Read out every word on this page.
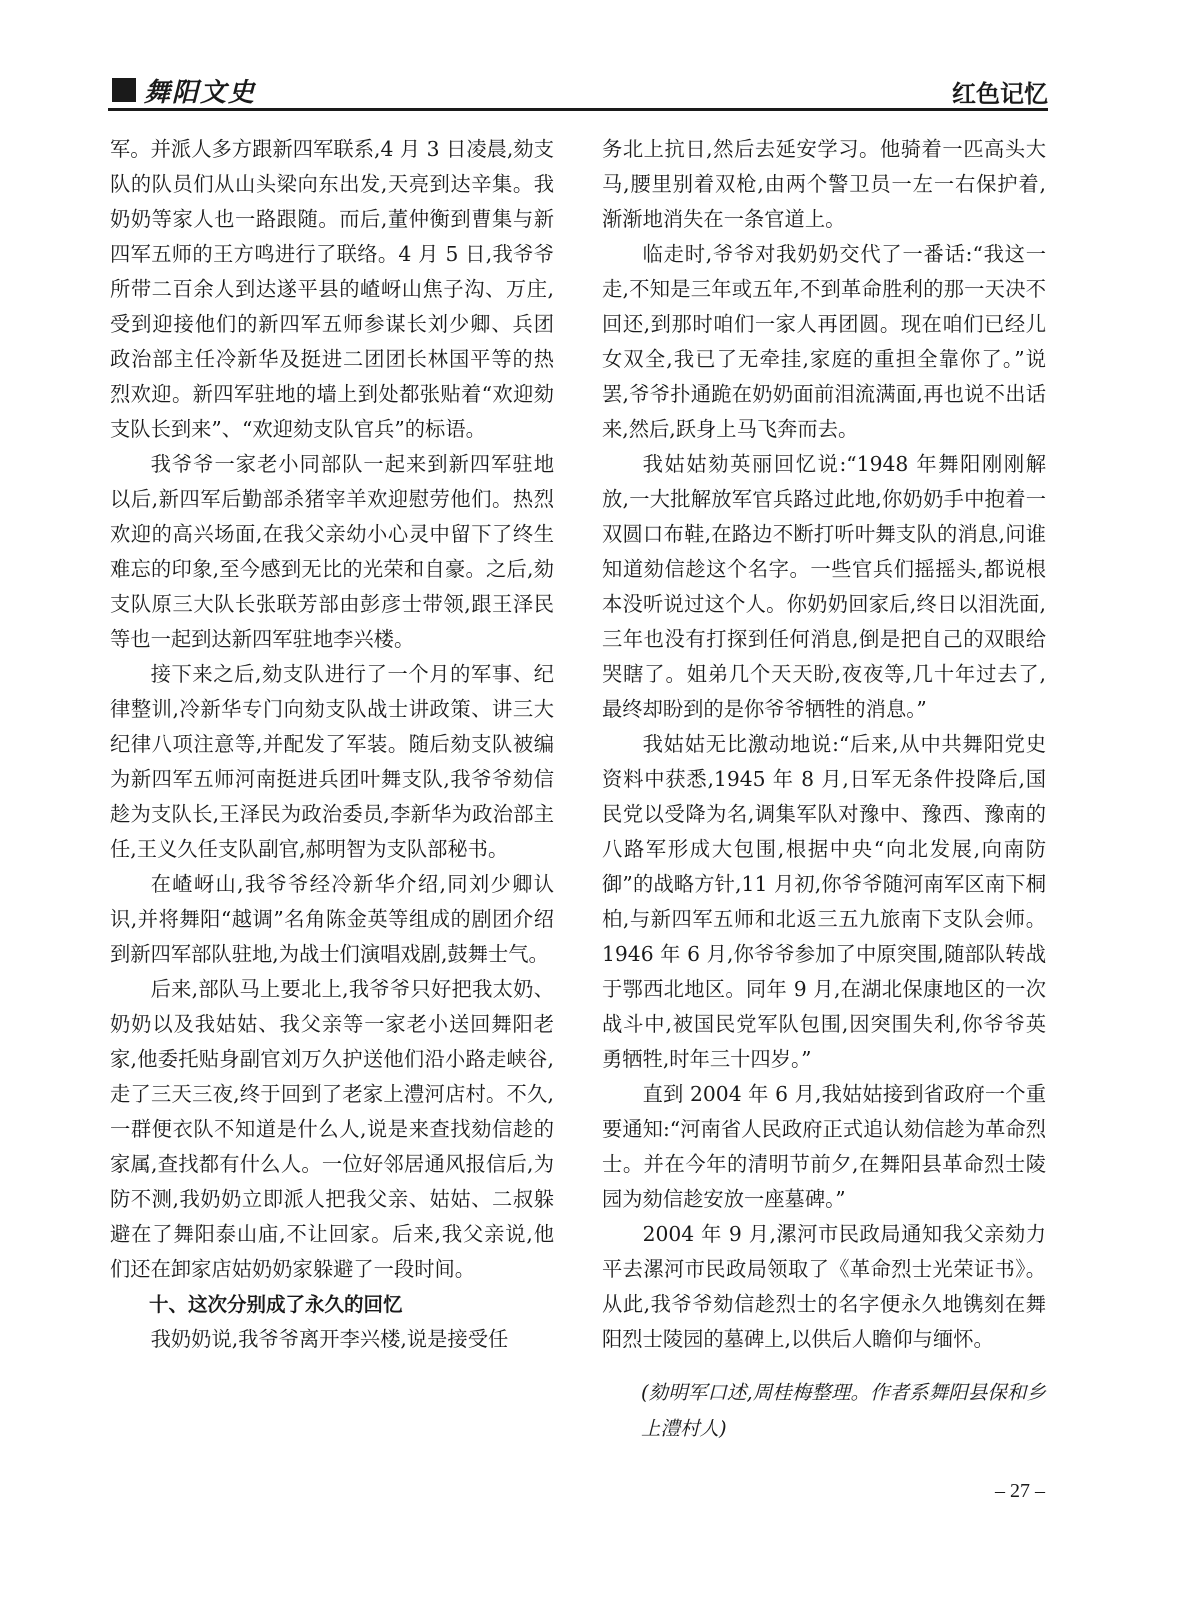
舞阳文史	红色记忆

军。并派人多方跟新四军联系,4 月 3 日凌晨,劾支队的队员们从山头梁向东出发,天亮到达辛集。我奶奶等家人也一路跟随。而后,董仲衡到曹集与新四军五师的王方鸣进行了联络。4 月 5 日,我爷爷所带二百余人到达遂平县的嵖岈山焦子沟、万庄,受到迎接他们的新四军五师参谋长刘少卿、兵团政治部主任冷新华及挺进二团团长林国平等的热烈欢迎。新四军驻地的墙上到处都张贴着“欢迎劾支队长到来”、“欢迎劾支队官兵”的标语。

我爷爷一家老小同部队一起来到新四军驻地以后,新四军后勤部杀猪宰羊欢迎慰劳他们。热烈欢迎的高兴场面,在我父亲幼小心灵中留下了终生难忘的印象,至今感到无比的光荣和自豪。之后,劾支队原三大队长张联芳部由彭彦士带领,跟王泽民等也一起到达新四军驻地李兴楼。

接下来之后,劾支队进行了一个月的军事、纪律整训,冷新华专门向劾支队战士讲政策、讲三大纪律八项注意等,并配发了军装。随后劾支队被编为新四军五师河南挺进兵团叶舞支队,我爷爷劾信趁为支队长,王泽民为政治委员,李新华为政治部主任,王义久任支队副官,郝明智为支队部秘书。

在嵖岈山,我爷爷经冷新华介绍,同刘少卿认识,并将舞阳“越调”名角陈金英等组成的剧团介绍到新四军部队驻地,为战士们演唱戏剧,鼓舞士气。

后来,部队马上要北上,我爷爷只好把我太奶、奶奶以及我姑姑、我父亲等一家老小送回舞阳老家,他委托贴身副官刘万久护送他们沿小路走峡谷,走了三天三夜,终于回到了老家上澧河店村。不久,一群便衣队不知道是什么人,说是来查找劾信趁的家属,查找都有什么人。一位好邻居通风报信后,为防不测,我奶奶立即派人把我父亲、姑姑、二叔躲避在了舞阳泰山庙,不让回家。后来,我父亲说,他们还在卸家店姑奶奶家躲避了一段时间。

十、这次分别成了永久的回忆

我奶奶说,我爷爷离开李兴楼,说是接受任

务北上抗日,然后去延安学习。他骑着一匹高头大马,腰里别着双枪,由两个警卫员一左一右保护着,渐渐地消失在一条官道上。

临走时,爷爷对我奶奶交代了一番话:“我这一走,不知是三年或五年,不到革命胜利的那一天决不回还,到那时咱们一家人再团圆。现在咱们已经儿女双全,我已了无牵挂,家庭的重担全靠你了。”说罢,爷爷扑通跪在奶奶面前泪流满面,再也说不出话来,然后,跃身上马飞奔而去。

我姑姑劾英丽回忆说:“1948 年舞阳刚刚解放,一大批解放军官兵路过此地,你奶奶手中抱着一双圆口布鞋,在路边不断打听叶舞支队的消息,问谁知道劾信趁这个名字。一些官兵们摇摇头,都说根本没听说过这个人。你奶奶回家后,终日以泪洗面,三年也没有打探到任何消息,倒是把自己的双眼给哭瞎了。姐弟几个天天盼,夜夜等,几十年过去了,最终却盼到的是你爷爷牺牲的消息。”

我姑姑无比激动地说:“后来,从中共舞阳党史资料中获悉,1945 年 8 月,日军无条件投降后,国民党以受降为名,调集军队对豫中、豫西、豫南的八路军形成大包围,根据中央“向北发展,向南防御”的战略方针,11 月初,你爷爷随河南军区南下桐柏,与新四军五师和北返三五九旅南下支队会师。1946 年 6 月,你爷爷参加了中原突围,随部队转战于鄂西北地区。同年 9 月,在湖北保康地区的一次战斗中,被国民党军队包围,因突围失利,你爷爷英勇牺牲,时年三十四岁。”

直到 2004 年 6 月,我姑姑接到省政府一个重要通知:“河南省人民政府正式追认劾信趁为革命烈士。并在今年的清明节前夕,在舞阳县革命烈士陵园为劾信趁安放一座墓碑。”

2004 年 9 月,漯河市民政局通知我父亲劾力平去漯河市民政局领取了《革命烈士光荣证书》。从此,我爷爷劾信趁烈士的名字便永久地镌刻在舞阳烈士陵园的墓碑上,以供后人瞻仰与缅怀。

(劾明军口述,周桂梅整理。作者系舞阳县保和乡上澧村人)

– 27 –
